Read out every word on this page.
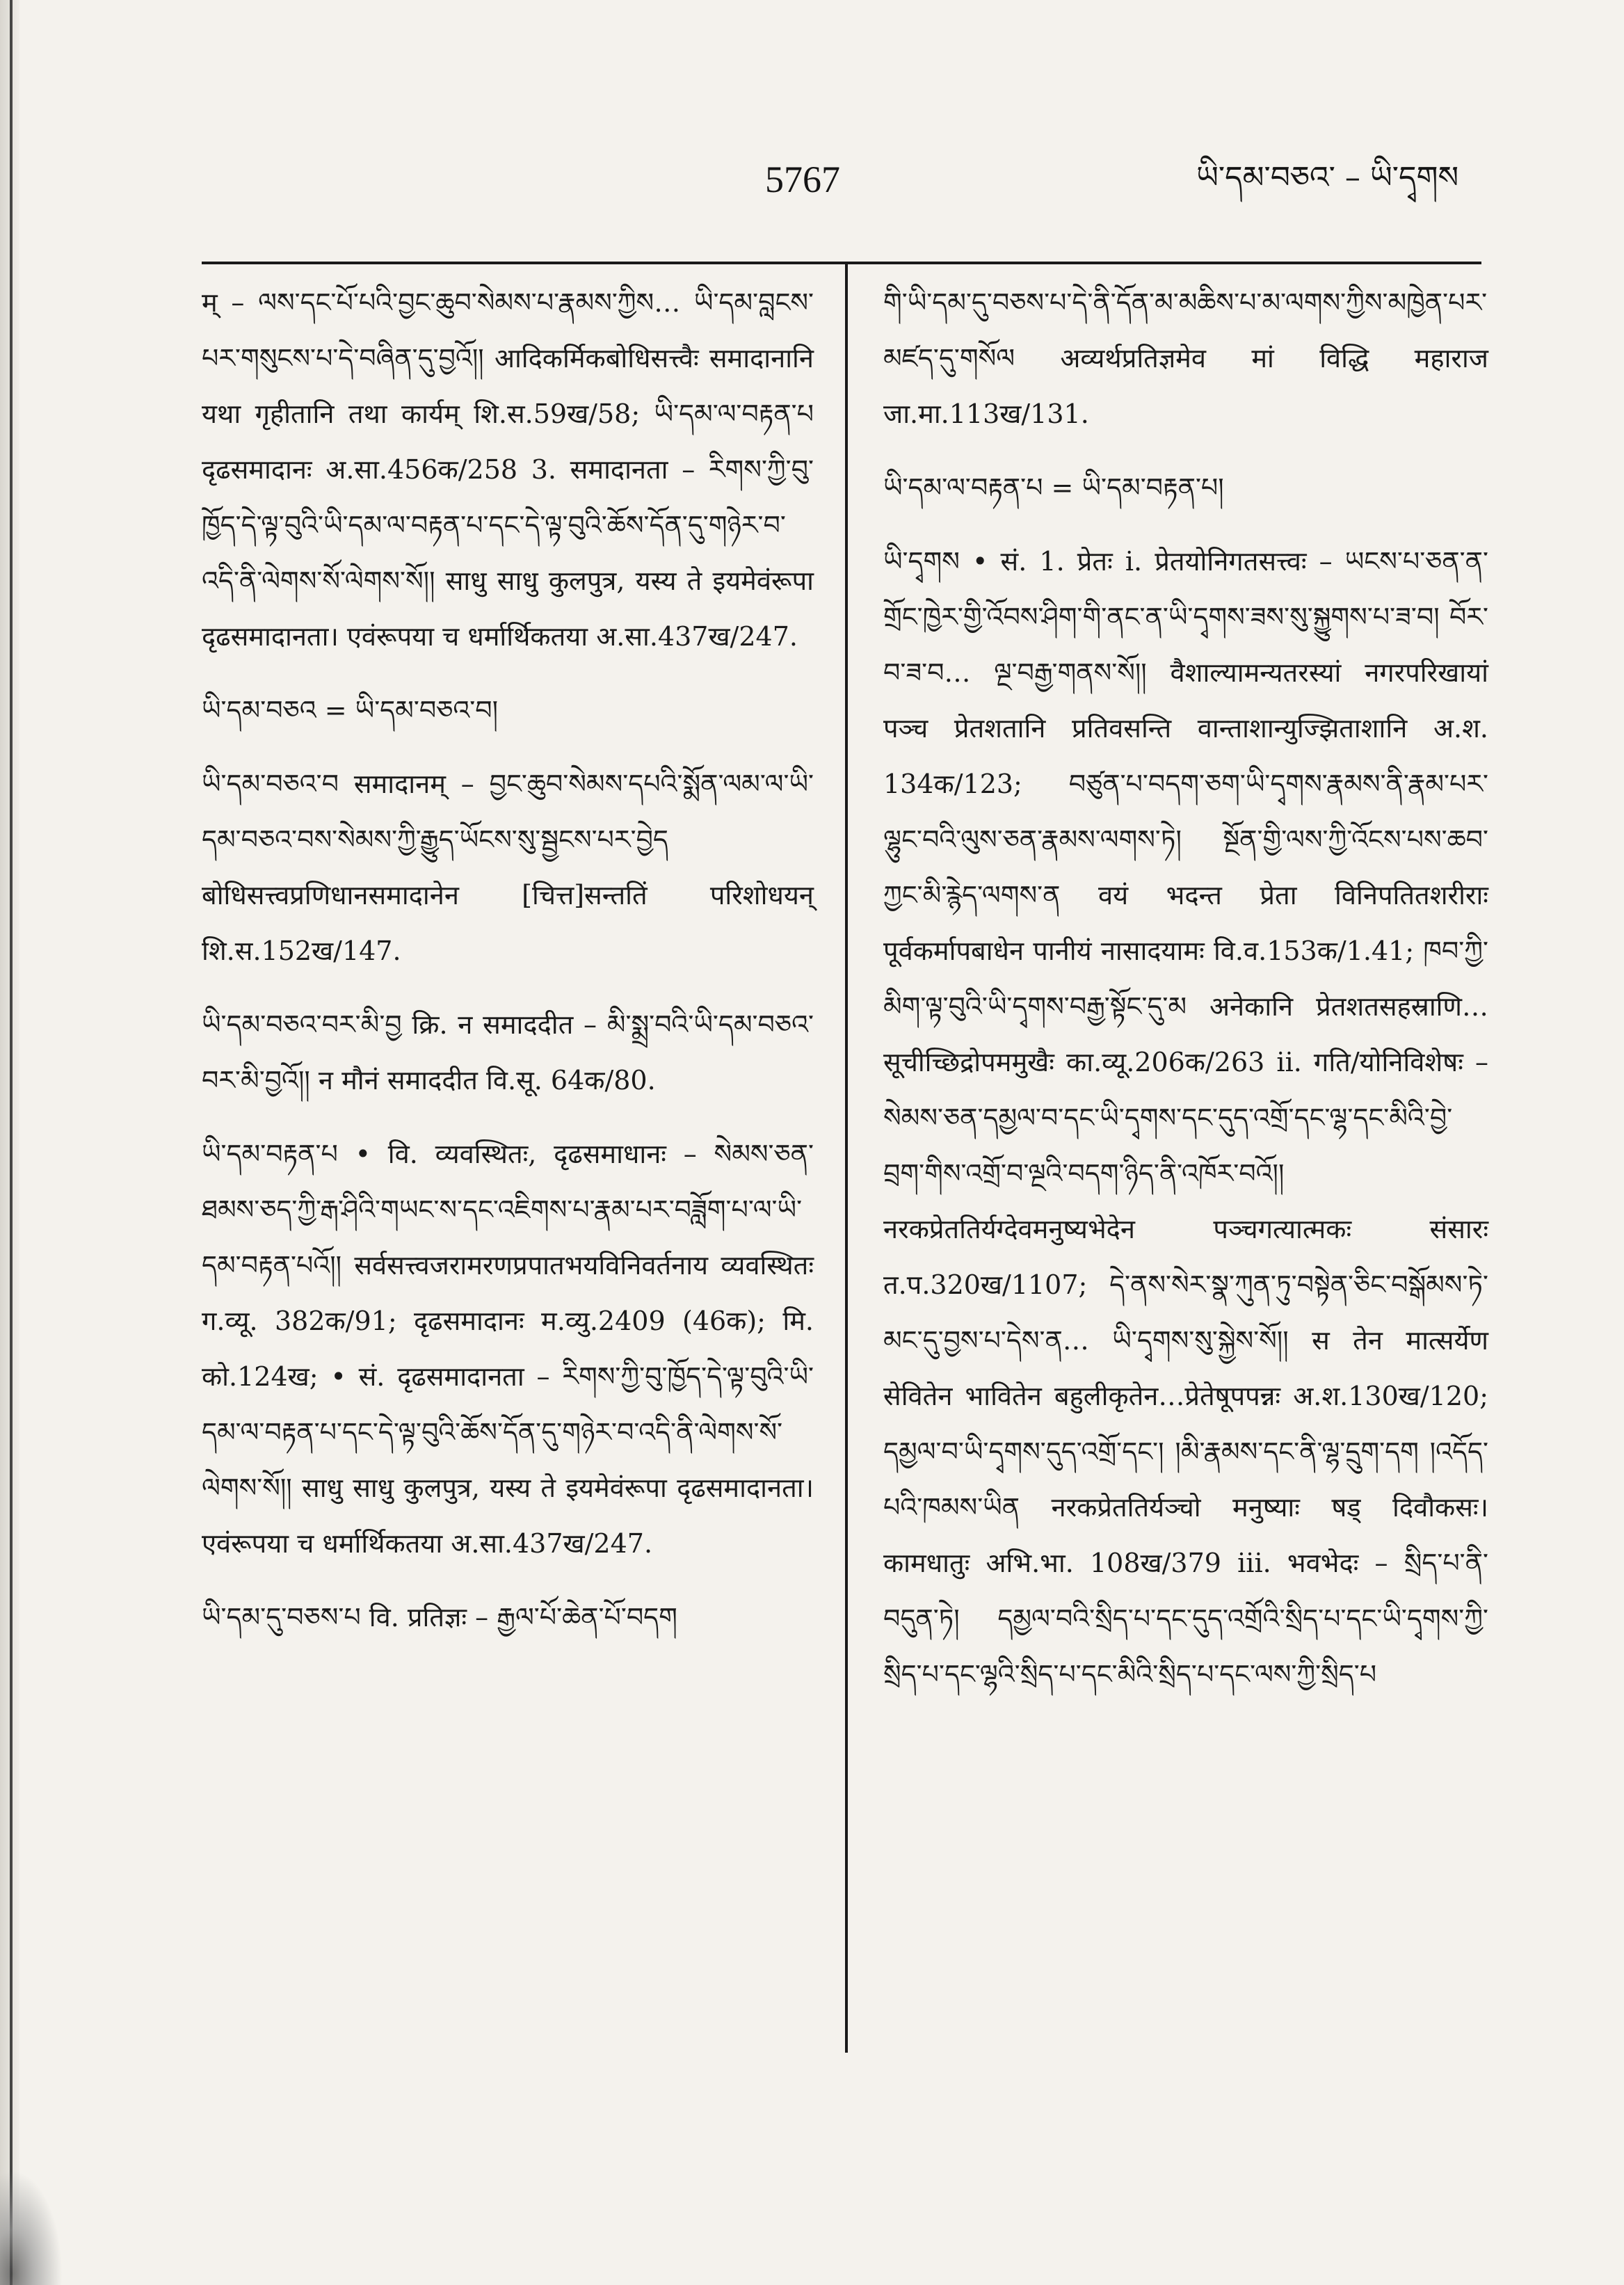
5767	ཡི་དམ་བཅའ་ – ཡི་དྭགས

म् – ལས་དང་པོ་པའི་བྱང་ཆུབ་སེམས་པ་རྣམས་ཀྱིས… ཡི་དམ་བླངས་པར་གསུངས་པ་དེ་བཞིན་དུ་བྱའོ།། आदिकर्मिकबोधिसत्त्वैः समादानानि यथा गृहीतानि तथा कार्यम् शि.स.59ख/58; ཡི་དམ་ལ་བརྟན་པ दृढसमादानः अ.सा.456क/258 3. समादानता – རིགས་ཀྱི་བུ་ཁྱོད་དེ་ལྟ་བུའི་ཡི་དམ་ལ་བརྟན་པ་དང་དེ་ལྟ་བུའི་ཆོས་དོན་དུ་གཉེར་བ་འདི་ནི་ལེགས་སོ་ལེགས་སོ།། साधु साधु कुलपुत्र, यस्य ते इयमेवंरूपा दृढसमादानता। एवंरूपया च धर्मार्थिकतया अ.सा.437ख/247.

ཡི་དམ་བཅའ = ཡི་དམ་བཅའ་བ།

ཡི་དམ་བཅའ་བ समादानम् – བྱང་ཆུབ་སེམས་དཔའི་སྨོན་ལམ་ལ་ཡི་དམ་བཅའ་བས་སེམས་ཀྱི་རྒྱུད་ཡོངས་སུ་སྦྱངས་པར་བྱེད बोधिसत्त्वप्रणिधानसमादानेन [चित्त]सन्ततिं परिशोधयन् शि.स.152ख/147.

ཡི་དམ་བཅའ་བར་མི་བྱ क्रि. न समाददीत – མི་སྨྲ་བའི་ཡི་དམ་བཅའ་བར་མི་བྱའོ།། न मौनं समाददीत वि.सू. 64क/80.

ཡི་དམ་བརྟན་པ • वि. व्यवस्थितः, दृढसमाधानः – སེམས་ཅན་ཐམས་ཅད་ཀྱི་རྒ་ཤིའི་གཡང་ས་དང་འཇིགས་པ་རྣམ་པར་བཟློག་པ་ལ་ཡི་དམ་བརྟན་པའོ།། सर्वसत्त्वजरामरणप्रपातभयविनिवर्तनाय व्यवस्थितः ग.व्यू. 382क/91; दृढसमादानः म.व्यु.2409 (46क); मि. को.124ख; • सं. दृढसमादानता – རིགས་ཀྱི་བུ་ཁྱོད་དེ་ལྟ་བུའི་ཡི་དམ་ལ་བརྟན་པ་དང་དེ་ལྟ་བུའི་ཆོས་དོན་དུ་གཉེར་བ་འདི་ནི་ལེགས་སོ་ལེགས་སོ།། साधु साधु कुलपुत्र, यस्य ते इयमेवंरूपा दृढसमादानता। एवंरूपया च धर्मार्थिकतया अ.सा.437ख/247.

ཡི་དམ་དུ་བཅས་པ वि. प्रतिज्ञः – རྒྱལ་པོ་ཆེན་པོ་བདག

གི་ཡི་དམ་དུ་བཅས་པ་དེ་ནི་དོན་མ་མཆིས་པ་མ་ལགས་ཀྱིས་མཁྱེན་པར་མཛད་དུ་གསོལ अव्यर्थप्रतिज्ञमेव मां विद्धि महाराज जा.मा.113ख/131.

ཡི་དམ་ལ་བརྟན་པ = ཡི་དམ་བརྟན་པ།

ཡི་དྭགས • सं. 1. प्रेतः i. प्रेतयोनिगतसत्त्वः – ཡངས་པ་ཅན་ན་གྲོང་ཁྱེར་གྱི་འོབས་ཤིག་གི་ནང་ན་ཡི་དྭགས་ཟས་སུ་སྐྱུགས་པ་ཟ་བ། བོར་བ་ཟ་བ… ལྔ་བརྒྱ་གནས་སོ།། वैशाल्यामन्यतरस्यां नगरपरिखायां पञ्च प्रेतशतानि प्रतिवसन्ति वान्ताशान्युज्झिताशानि अ.श. 134क/123; བཙུན་པ་བདག་ཅག་ཡི་དྭགས་རྣམས་ནི་རྣམ་པར་ལྷུང་བའི་ལུས་ཅན་རྣམས་ལགས་ཏེ། སྔོན་གྱི་ལས་ཀྱི་འོངས་པས་ཆབ་ཀྱང་མི་རྙེད་ལགས་ན वयं भदन्त प्रेता विनिपतितशरीराः पूर्वकर्मापबाधेन पानीयं नासादयामः वि.व.153क/1.41; ཁབ་ཀྱི་མིག་ལྟ་བུའི་ཡི་དྭགས་བརྒྱ་སྟོང་དུ་མ अनेकानि प्रेतशतसहस्राणि… सूचीच्छिद्रोपममुखैः का.व्यू.206क/263 ii. गति/योनिविशेषः – སེམས་ཅན་དམྱལ་བ་དང་ཡི་དྭགས་དང་དུད་འགྲོ་དང་ལྷ་དང་མིའི་བྱེ་བྲག་གིས་འགྲོ་བ་ལྔའི་བདག་ཉིད་ནི་འཁོར་བའོ།། नरकप्रेततिर्यग्देवमनुष्यभेदेन पञ्चगत्यात्मकः संसारः त.प.320ख/1107; དེ་ནས་སེར་སྣ་ཀུན་ཏུ་བསྟེན་ཅིང་བསྒོམས་ཏེ་མང་དུ་བྱས་པ་དེས་ན… ཡི་དྭགས་སུ་སྐྱེས་སོ།། स तेन मात्सर्येण सेवितेन भावितेन बहुलीकृतेन…प्रेतेषूपपन्नः अ.श.130ख/120; དམྱལ་བ་ཡི་དྭགས་དུད་འགྲོ་དང་། །མི་རྣམས་དང་ནི་ལྷ་དྲུག་དག །འདོད་པའི་ཁམས་ཡིན नरकप्रेततिर्यञ्चो मनुष्याः षड् दिवौकसः। कामधातुः अभि.भा. 108ख/379 iii. भवभेदः – སྲིད་པ་ནི་བདུན་ཏེ། དམྱལ་བའི་སྲིད་པ་དང་དུད་འགྲོའི་སྲིད་པ་དང་ཡི་དྭགས་ཀྱི་སྲིད་པ་དང་ལྷའི་སྲིད་པ་དང་མིའི་སྲིད་པ་དང་ལས་ཀྱི་སྲིད་པ
